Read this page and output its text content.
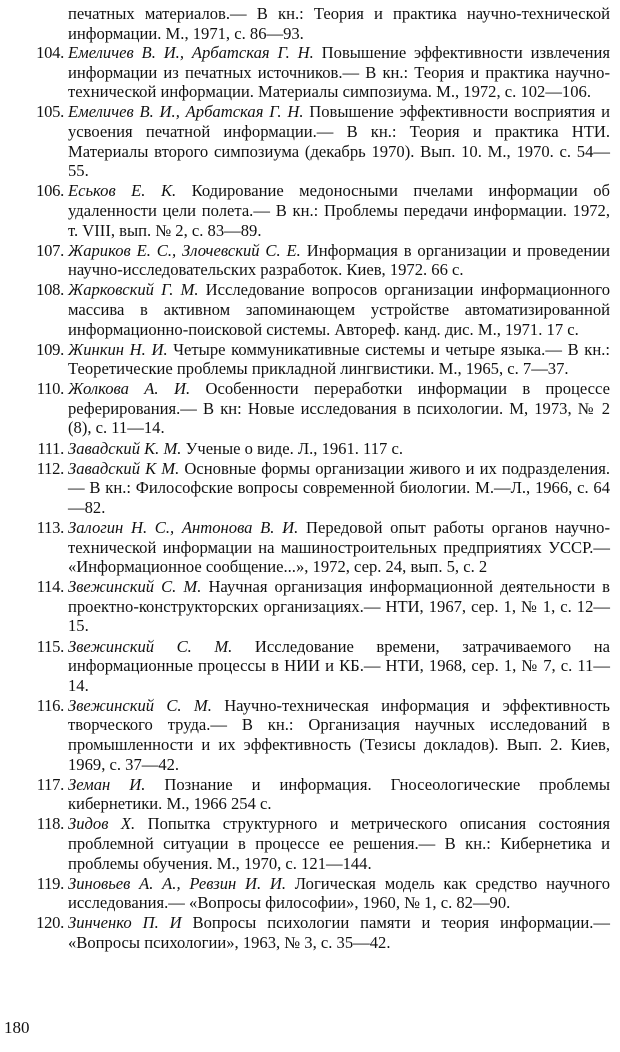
печатных материалов.— В кн.: Теория и практика научно-технической информации. М., 1971, с. 86—93.

104. Емеличев В. И., Арбатская Г. Н. Повышение эффективности извлечения информации из печатных источников.— В кн.: Теория и практика научно-технической информации. Материалы симпозиума. М., 1972, с. 102—106.

105. Емеличев В. И., Арбатская Г. Н. Повышение эффективности восприятия и усвоения печатной информации.— В кн.: Теория и практика НТИ. Материалы второго симпозиума (декабрь 1970). Вып. 10. М., 1970. с. 54—55.

106. Еськов Е. К. Кодирование медоносными пчелами информации об удаленности цели полета.— В кн.: Проблемы передачи информации. 1972, т. VIII, вып. № 2, с. 83—89.

107. Жариков Е. С., Злочевский С. Е. Информация в организации и проведении научно-исследовательских разработок. Киев, 1972. 66 с.

108. Жарковский Г. М. Исследование вопросов организации информационного массива в активном запоминающем устройстве автоматизированной информационно-поисковой системы. Автореф. канд. дис. М., 1971. 17 с.

109. Жинкин Н. И. Четыре коммуникативные системы и четыре языка.— В кн.: Теоретические проблемы прикладной лингвистики. М., 1965, с. 7—37.

110. Жолкова А. И. Особенности переработки информации в процессе реферирования.— В кн: Новые исследования в психологии. М, 1973, № 2 (8), с. 11—14.

111. Завадский К. М. Ученые о виде. Л., 1961. 117 с.

112. Завадский К М. Основные формы организации живого и их подразделения.— В кн.: Философские вопросы современной биологии. М.—Л., 1966, с. 64—82.

113. Залогин Н. С., Антонова В. И. Передовой опыт работы органов научно-технической информации на машиностроительных предприятиях УССР.— «Информационное сообщение...», 1972, сер. 24, вып. 5, с. 2

114. Звежинский С. М. Научная организация информационной деятельности в проектно-конструкторских организациях.— НТИ, 1967, сер. 1, № 1, с. 12—15.

115. Звежинский С. М. Исследование времени, затрачиваемого на информационные процессы в НИИ и КБ.— НТИ, 1968, сер. 1, № 7, с. 11—14.

116. Звежинский С. М. Научно-техническая информация и эффективность творческого труда.— В кн.: Организация научных исследований в промышленности и их эффективность (Тезисы докладов). Вып. 2. Киев, 1969, с. 37—42.

117. Земан И. Познание и информация. Гносеологические проблемы кибернетики. М., 1966 254 с.

118. Зидов Х. Попытка структурного и метрического описания состояния проблемной ситуации в процессе ее решения.— В кн.: Кибернетика и проблемы обучения. М., 1970, с. 121—144.

119. Зиновьев А. А., Ревзин И. И. Логическая модель как средство научного исследования.— «Вопросы философии», 1960, № 1, с. 82—90.

120. Зинченко П. И Вопросы психологии памяти и теория информации.— «Вопросы психологии», 1963, № 3, с. 35—42.

180
